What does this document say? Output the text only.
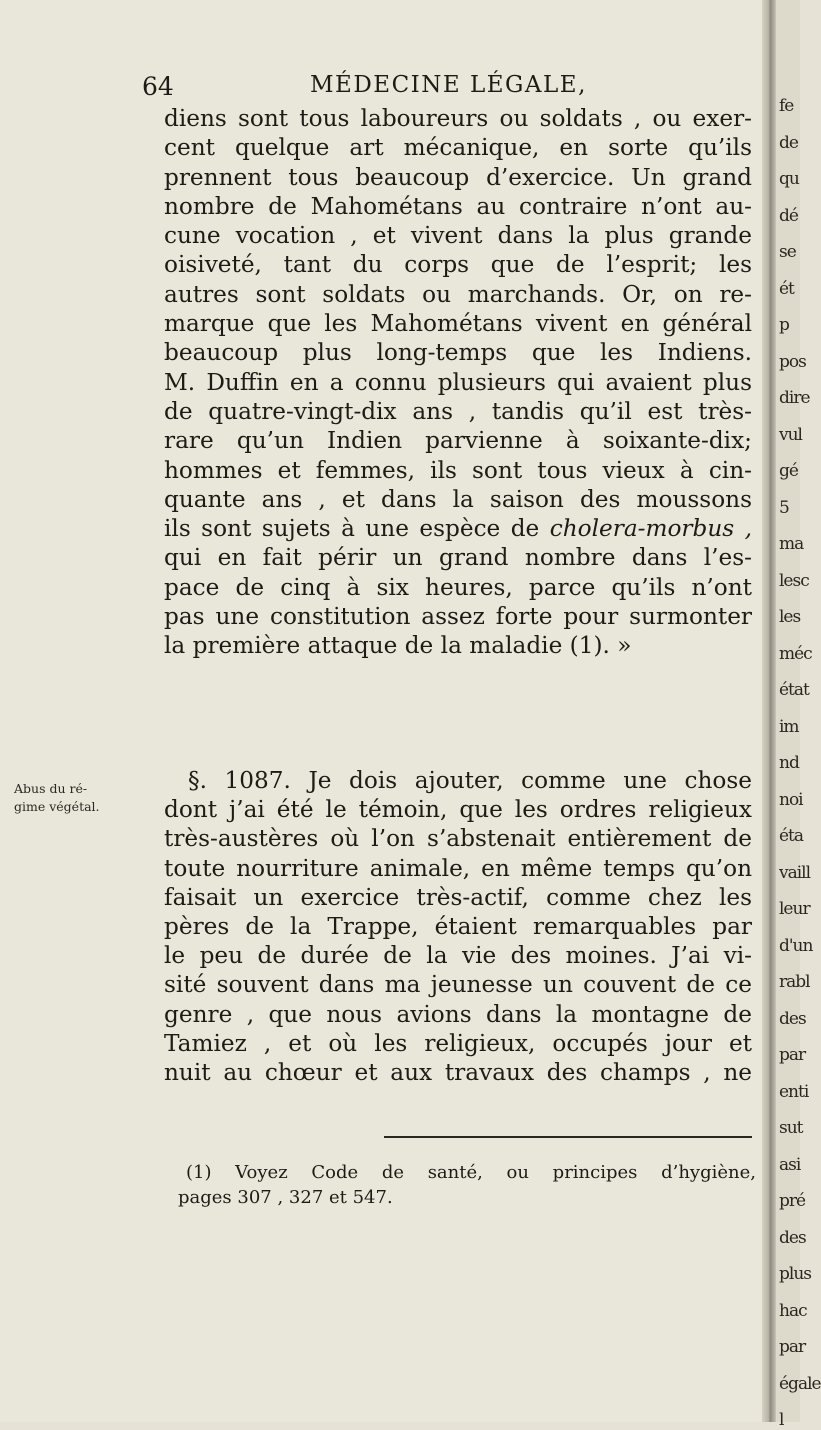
64	MÉDECINE LÉGALE,
diens sont tous laboureurs ou soldats , ou exer-
cent quelque art mécanique, en sorte qu’ils
prennent tous beaucoup d’exercice. Un grand
nombre de Mahométans au contraire n’ont au-
cune vocation , et vivent dans la plus grande
oisiveté, tant du corps que de l’esprit; les
autres sont soldats ou marchands. Or, on re-
marque que les Mahométans vivent en général
beaucoup plus long-temps que les Indiens.
M. Duffin en a connu plusieurs qui avaient plus
de quatre-vingt-dix ans , tandis qu’il est très-
rare qu’un Indien parvienne à soixante-dix;
hommes et femmes, ils sont tous vieux à cin-
quante ans , et dans la saison des moussons
ils sont sujets à une espèce de cholera-morbus ,
qui en fait périr un grand nombre dans l’es-
pace de cinq à six heures, parce qu’ils n’ont
pas une constitution assez forte pour surmonter
la première attaque de la maladie (1). »
Abus du ré-
gime végétal.
§. 1087. Je dois ajouter, comme une chose
dont j’ai été le témoin, que les ordres religieux
très-austères où l’on s’abstenait entièrement de
toute nourriture animale, en même temps qu’on
faisait un exercice très-actif, comme chez les
pères de la Trappe, étaient remarquables par
le peu de durée de la vie des moines. J’ai vi-
sité souvent dans ma jeunesse un couvent de ce
genre , que nous avions dans la montagne de
Tamiez , et où les religieux, occupés jour et
nuit au chœur et aux travaux des champs , ne
(1) Voyez Code de santé, ou principes d’hygiène,
pages 307 , 327 et 547.
fe
de
qu
dé
se
ét
p
pos
dire
vul
gé
5
ma
lesc
les
méc
état
im
nd
noi
éta
vaill
leur
d'un
rabl
des
par
enti
sut
asi
pré
des
plus
hac
par
égale
l
